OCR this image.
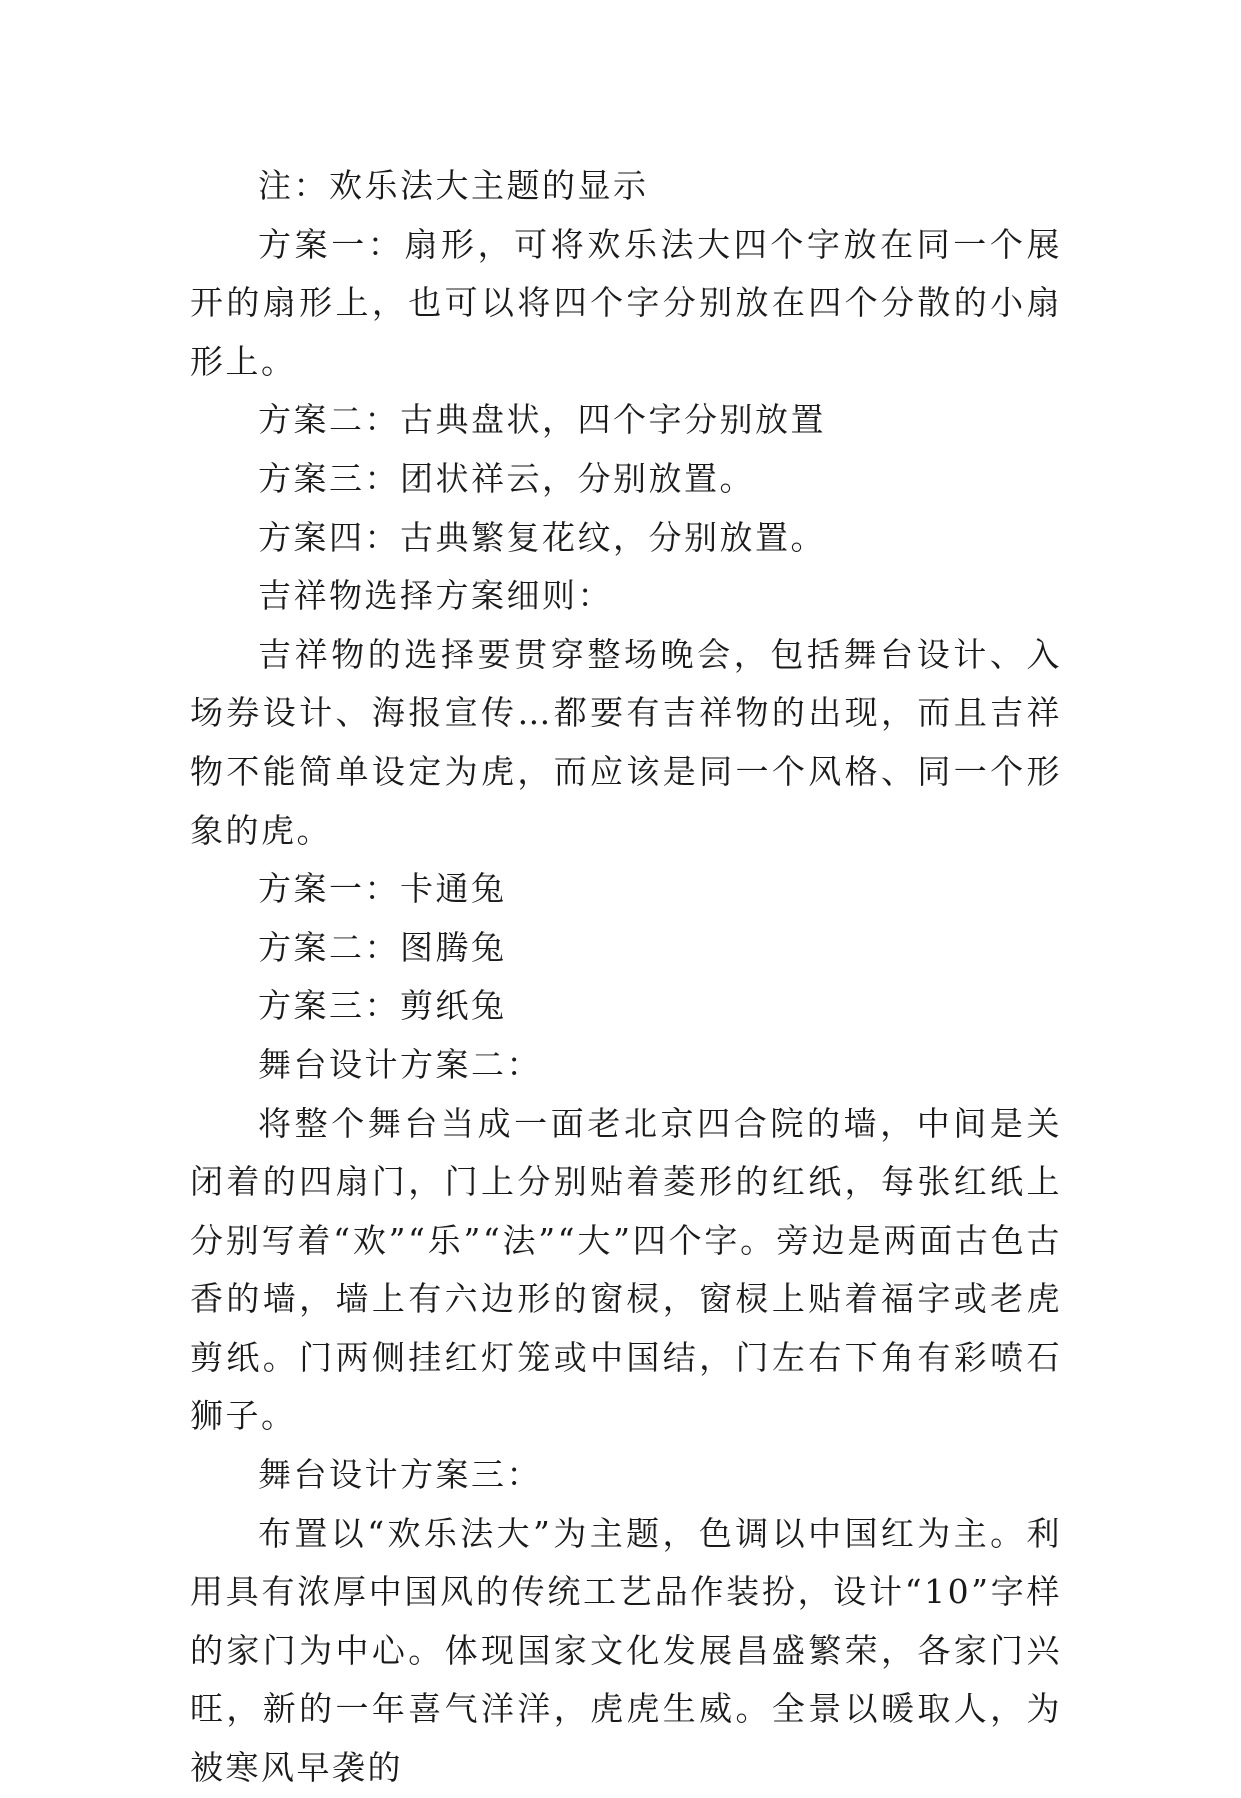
注：欢乐法大主题的显示

方案一：扇形，可将欢乐法大四个字放在同一个展开的扇形上，也可以将四个字分别放在四个分散的小扇形上。

方案二：古典盘状，四个字分别放置

方案三：团状祥云，分别放置。

方案四：古典繁复花纹，分别放置。

吉祥物选择方案细则：

吉祥物的选择要贯穿整场晚会，包括舞台设计、入场券设计、海报宣传…都要有吉祥物的出现，而且吉祥物不能简单设定为虎，而应该是同一个风格、同一个形象的虎。

方案一：卡通兔

方案二：图腾兔

方案三：剪纸兔

舞台设计方案二：

将整个舞台当成一面老北京四合院的墙，中间是关闭着的四扇门，门上分别贴着菱形的红纸，每张红纸上分别写着“欢”“乐”“法”“大”四个字。旁边是两面古色古香的墙，墙上有六边形的窗棂，窗棂上贴着福字或老虎剪纸。门两侧挂红灯笼或中国结，门左右下角有彩喷石狮子。

舞台设计方案三：

布置以“欢乐法大”为主题，色调以中国红为主。利用具有浓厚中国风的传统工艺品作装扮，设计“10”字样的家门为中心。体现国家文化发展昌盛繁荣，各家门兴旺，新的一年喜气洋洋，虎虎生威。全景以暖取人，为被寒风早袭的
